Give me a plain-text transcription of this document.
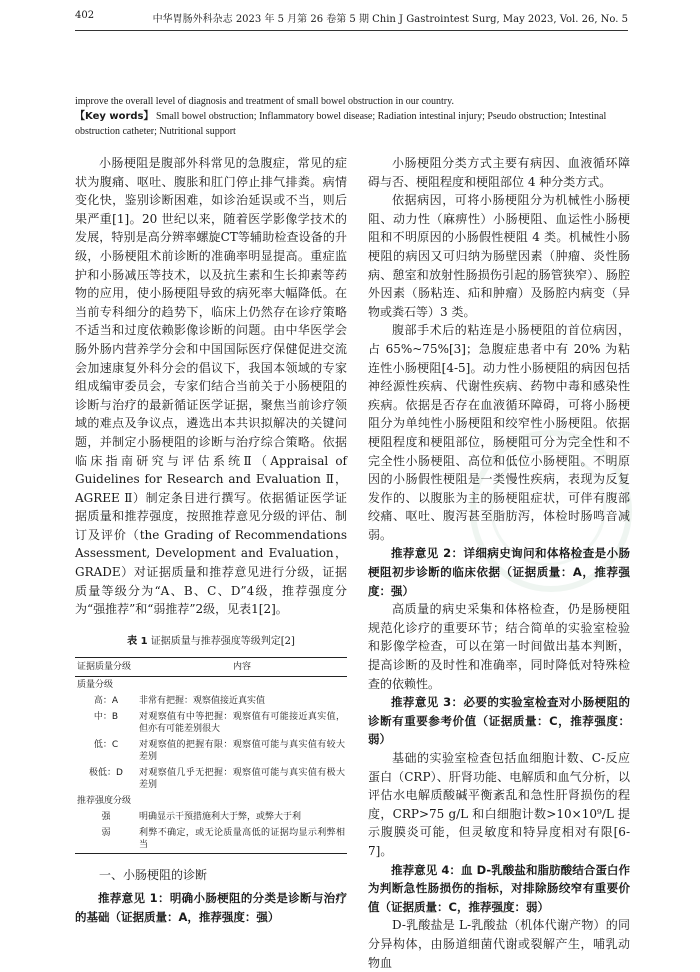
402	中华胃肠外科杂志 2023 年 5 月第 26 卷第 5 期 Chin J Gastrointest Surg, May 2023, Vol. 26, No. 5
improve the overall level of diagnosis and treatment of small bowel obstruction in our country.
【Key words】 Small bowel obstruction; Inflammatory bowel disease; Radiation intestinal injury; Pseudo obstruction; Intestinal obstruction catheter; Nutritional support

小肠梗阻是腹部外科常见的急腹症，常见的症状为腹痛、呕吐、腹胀和肛门停止排气排粪。病情变化快，鉴别诊断困难，如诊治延误或不当，则后果严重[1]。20 世纪以来，随着医学影像学技术的发展，特别是高分辨率螺旋CT等辅助检查设备的升级，小肠梗阻术前诊断的准确率明显提高。重症监护和小肠减压等技术，以及抗生素和生长抑素等药物的应用，使小肠梗阻导致的病死率大幅降低。在当前专科细分的趋势下，临床上仍然存在诊疗策略不适当和过度依赖影像诊断的问题。由中华医学会肠外肠内营养学分会和中国国际医疗保健促进交流会加速康复外科分会的倡议下，我国本领域的专家组成编审委员会，专家们结合当前关于小肠梗阻的诊断与治疗的最新循证医学证据，聚焦当前诊疗领域的难点及争议点，遴选出本共识拟解决的关键问题，并制定小肠梗阻的诊断与治疗综合策略。依据临床指南研究与评估系统Ⅱ（Appraisal of Guidelines for Research and Evaluation Ⅱ，AGREE Ⅱ）制定条目进行撰写。依据循证医学证据质量和推荐强度，按照推荐意见分级的评估、制订及评价（the Grading of Recommendations Assessment, Development and Evaluation，GRADE）对证据质量和推荐意见进行分级，证据质量等级分为“A、B、C、D”4级，推荐强度分为“强推荐”和“弱推荐”2级，见表1[2]。

表 1 证据质量与推荐强度等级判定[2]
证据质量分级	内容
质量分级	
高：A	非常有把握：观察值接近真实值
中：B	对观察值有中等把握：观察值有可能接近真实值，但亦有可能差别很大
低：C	对观察值的把握有限：观察值可能与真实值有较大差别
极低：D	对观察值几乎无把握：观察值可能与真实值有极大差别
推荐强度分级	
强	明确显示干预措施利大于弊，或弊大于利
弱	利弊不确定，或无论质量高低的证据均显示利弊相当
一、小肠梗阻的诊断

推荐意见 1：明确小肠梗阻的分类是诊断与治疗的基础（证据质量：A，推荐强度：强）

小肠梗阻分类方式主要有病因、血液循环障碍与否、梗阻程度和梗阻部位 4 种分类方式。

依据病因，可将小肠梗阻分为机械性小肠梗阻、动力性（麻痹性）小肠梗阻、血运性小肠梗阻和不明原因的小肠假性梗阻 4 类。机械性小肠梗阻的病因又可归纳为肠壁因素（肿瘤、炎性肠病、憩室和放射性肠损伤引起的肠管狭窄）、肠腔外因素（肠粘连、疝和肿瘤）及肠腔内病变（异物或粪石等）3 类。

腹部手术后的粘连是小肠梗阻的首位病因，占 65%~75%[3]；急腹症患者中有 20% 为粘连性小肠梗阻[4-5]。动力性小肠梗阻的病因包括神经源性疾病、代谢性疾病、药物中毒和感染性疾病。依据是否存在血液循环障碍，可将小肠梗阻分为单纯性小肠梗阻和绞窄性小肠梗阻。依据梗阻程度和梗阻部位，肠梗阻可分为完全性和不完全性小肠梗阻、高位和低位小肠梗阻。不明原因的小肠假性梗阻是一类慢性疾病，表现为反复发作的、以腹胀为主的肠梗阻症状，可伴有腹部绞痛、呕吐、腹泻甚至脂肪泻，体检时肠鸣音减弱。

推荐意见 2：详细病史询问和体格检查是小肠梗阻初步诊断的临床依据（证据质量：A，推荐强度：强）

高质量的病史采集和体格检查，仍是肠梗阻规范化诊疗的重要环节；结合简单的实验室检验和影像学检查，可以在第一时间做出基本判断，提高诊断的及时性和准确率，同时降低对特殊检查的依赖性。

推荐意见 3：必要的实验室检查对小肠梗阻的诊断有重要参考价值（证据质量：C，推荐强度：弱）

基础的实验室检查包括血细胞计数、C-反应蛋白（CRP）、肝肾功能、电解质和血气分析，以评估水电解质酸碱平衡紊乱和急性肝肾损伤的程度，CRP>75 g/L 和白细胞计数>10×10⁹/L 提示腹膜炎可能，但灵敏度和特异度相对有限[6-7]。

推荐意见 4：血 D-乳酸盐和脂肪酸结合蛋白作为判断急性肠损伤的指标，对排除肠绞窄有重要价值（证据质量：C，推荐强度：弱）

D-乳酸盐是 L-乳酸盐（机体代谢产物）的同分异构体，由肠道细菌代谢或裂解产生，哺乳动物血
